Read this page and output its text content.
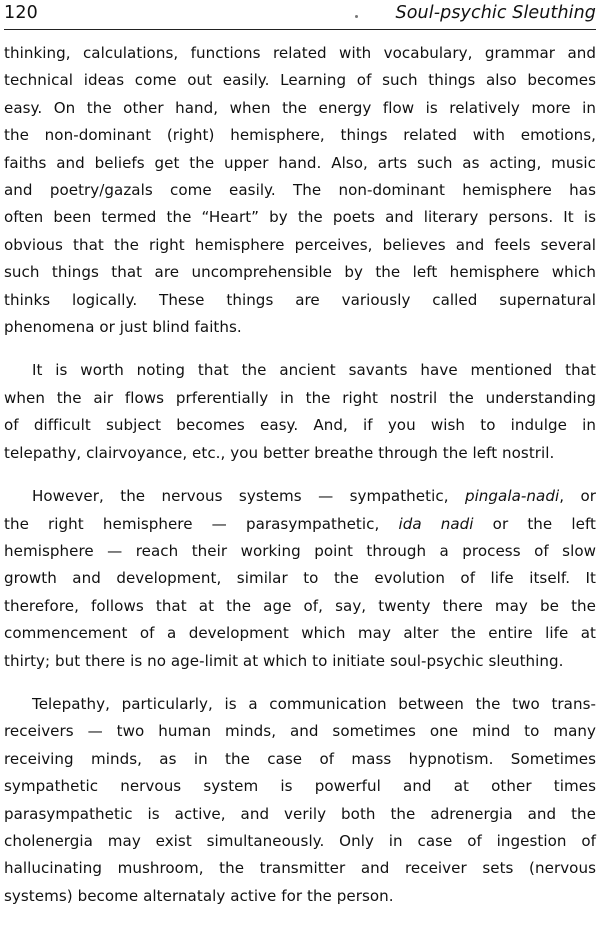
120	Soul-psychic Sleuthing

thinking, calculations, functions related with vocabulary, grammar and
technical ideas come out easily. Learning of such things also becomes
easy. On the other hand, when the energy flow is relatively more in
the non-dominant (right) hemisphere, things related with emotions,
faiths and beliefs get the upper hand. Also, arts such as acting, music
and poetry/gazals come easily. The non-dominant hemisphere has
often been termed the “Heart” by the poets and literary persons. It is
obvious that the right hemisphere perceives, believes and feels several
such things that are uncomprehensible by the left hemisphere which
thinks logically. These things are variously called supernatural
phenomena or just blind faiths.

It is worth noting that the ancient savants have mentioned that
when the air flows prferentially in the right nostril the understanding
of difficult subject becomes easy. And, if you wish to indulge in
telepathy, clairvoyance, etc., you better breathe through the left nostril.

However, the nervous systems — sympathetic, pingala-nadi, or
the right hemisphere — parasympathetic, ida nadi or the left
hemisphere — reach their working point through a process of slow
growth and development, similar to the evolution of life itself. It
therefore, follows that at the age of, say, twenty there may be the
commencement of a development which may alter the entire life at
thirty; but there is no age-limit at which to initiate soul-psychic sleuthing.

Telepathy, particularly, is a communication between the two trans-
receivers — two human minds, and sometimes one mind to many
receiving minds, as in the case of mass hypnotism. Sometimes
sympathetic nervous system is powerful and at other times
parasympathetic is active, and verily both the adrenergia and the
cholenergia may exist simultaneously. Only in case of ingestion of
hallucinating mushroom, the transmitter and receiver sets (nervous
systems) become alternataly active for the person.
